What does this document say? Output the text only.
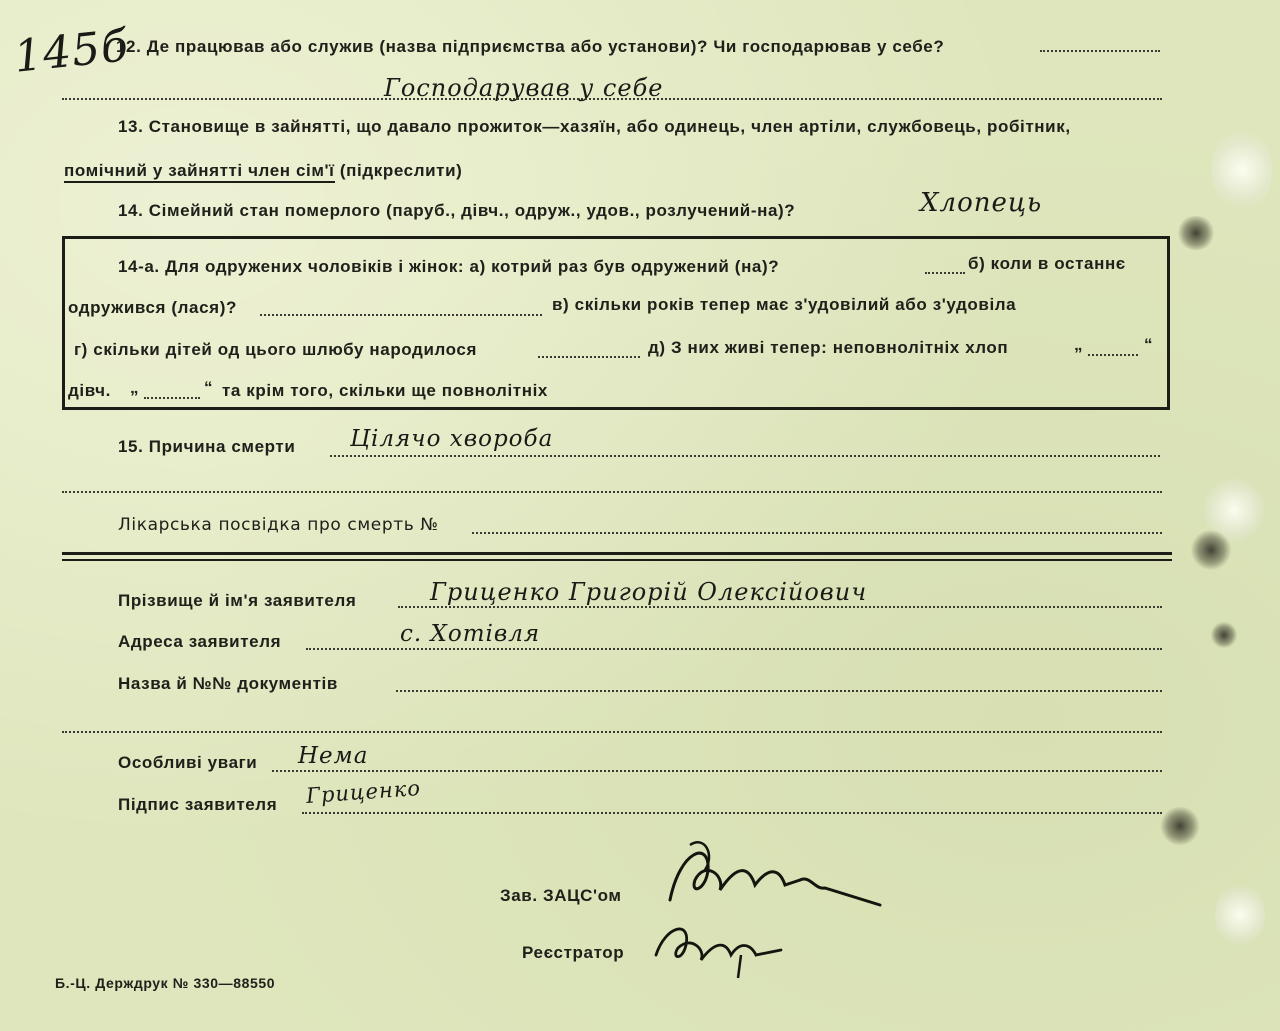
145б
12. Де працював або служив (назва підприємства або установи)? Чи господарював у себе?
Господарував у себе
13. Становище в зайнятті, що давало прожиток—хазяїн, або одинець, член артіли, службовець, робітник,
помічний у зайнятті член сім'ї (підкреслити)
14. Сімейний стан померлого (паруб., дівч., одруж., удов., розлучений-на)?	Хлопець
14-а. Для одружених чоловіків і жінок: а) котрий раз був одружений (на)?	б) коли в останнє
одружився (лася)?	в) скільки років тепер має з'удовілий або з'удовіла
г) скільки дітей од цього шлюбу народилося	д) З них живі тепер: неповнолітніх хлоп	„	“
дівч. „	“ та крім того, скільки ще повнолітніх
15. Причина смерти Цілячо хвороба
Лікарська посвідка про смерть №
Прізвище й ім'я заявителя	Гриценко Григорій Олексійович
Адреса заявителя	с. Хотівля
Назва й №№ документів
Особливі уваги Нема
Підпис заявителя Гриценко
Зав. ЗАЦС'ом
Реєстратор
Б.-Ц. Держдрук № 330—88550
